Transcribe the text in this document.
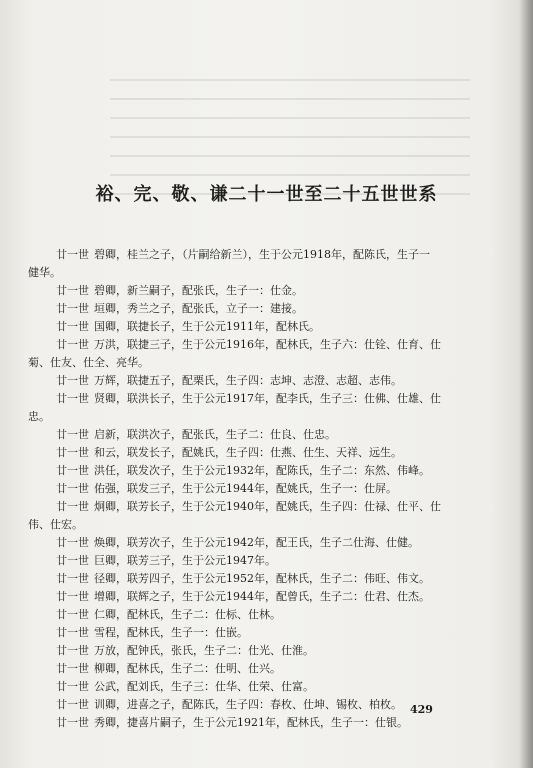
裕、完、敬、谦二十一世至二十五世世系
廿一世 碧卿，桂兰之子，（片嗣给新兰），生于公元1918年，配陈氏，生子一
健华。
廿一世 碧卿，新兰嗣子，配张氏，生子一：仕金。
廿一世 垣卿，秀兰之子，配张氏，立子一：建接。
廿一世 国卿，联捷长子，生于公元1911年，配林氏。
廿一世 万洪，联捷三子，生于公元1916年，配林氏，生子六：仕铨、仕育、仕
菊、仕友、仕全、亮华。
廿一世 万辉，联捷五子，配栗氏，生子四：志坤、志澄、志超、志伟。
廿一世 贤卿，联洪长子，生于公元1917年，配李氏，生子三：仕佛、仕雄、仕
忠。
廿一世 启新，联洪次子，配张氏，生子二：仕良、仕忠。
廿一世 和云，联发长子，配姚氏，生子四：仕燕、仕生、天祥、远生。
廿一世 洪任，联发次子，生于公元1932年，配陈氏，生子二：东然、伟峰。
廿一世 佑强，联发三子，生于公元1944年，配姚氏，生子一：仕屏。
廿一世 炯卿，联芳长子，生于公元1940年，配姚氏，生子四：仕禄、仕平、仕
伟、仕宏。
廿一世 焕卿，联芳次子，生于公元1942年，配王氏，生子二仕海、仕健。
廿一世 巨卿，联芳三子，生于公元1947年。
廿一世 径卿，联芳四子，生于公元1952年，配林氏，生子二：伟旺、伟文。
廿一世 增卿，联辉之子，生于公元1944年，配曾氏，生子二：仕君、仕杰。
廿一世 仁卿，配林氏，生子二：仕标、仕林。
廿一世 雪程，配林氏，生子一：仕嵌。
廿一世 万放，配钟氏，张氏，生子二：仕光、仕淮。
廿一世 柳卿，配林氏，生子二：仕明、仕兴。
廿一世 公武，配刘氏，生子三：仕华、仕荣、仕富。
廿一世 训卿，进喜之子，配陈氏，生子四：春枚、仕坤、锡枚、柏枚。
廿一世 秀卿，捷喜片嗣子，生于公元1921年，配林氏，生子一：仕银。
429
